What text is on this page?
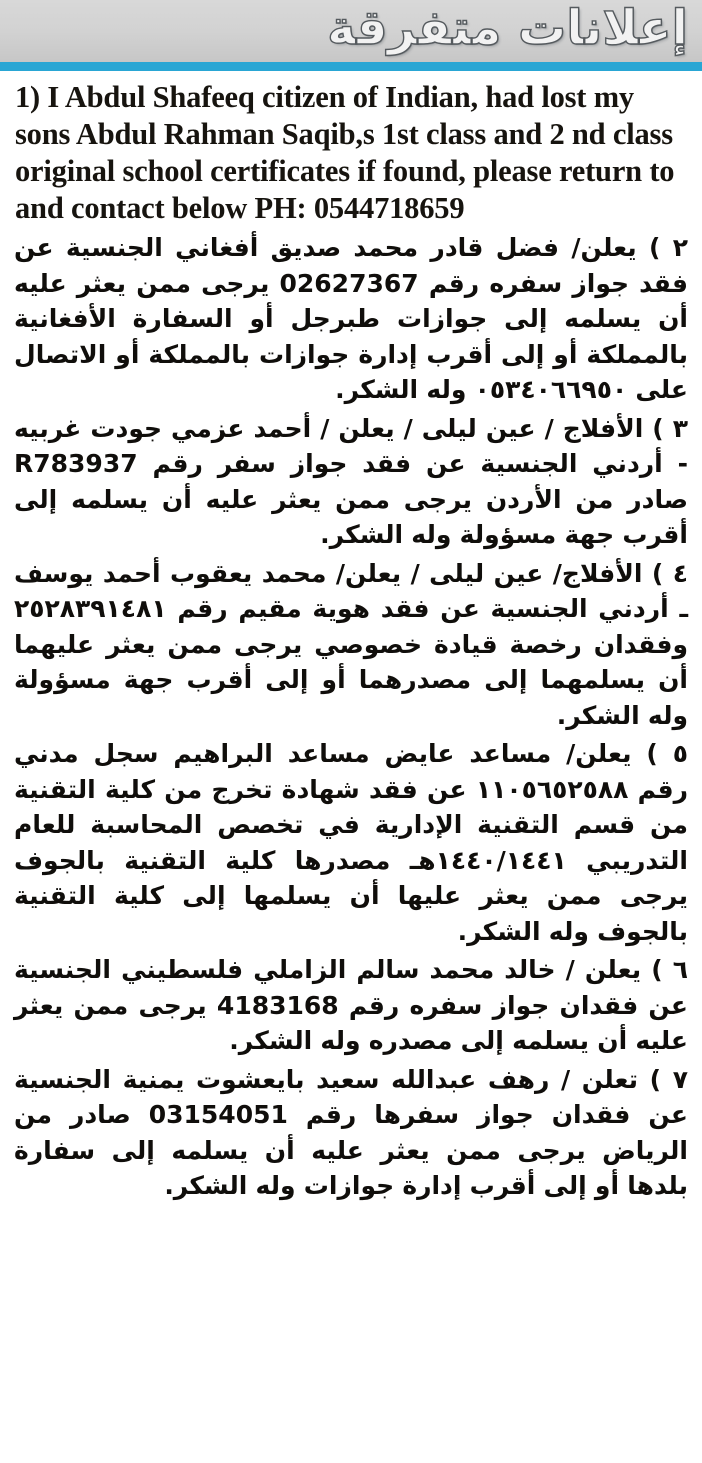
إعلانات متفرقة
1) I Abdul Shafeeq citizen of Indian, had lost my sons Abdul Rahman Saqib,s 1st class and 2 nd class original school certificates if found, please return to and contact below PH: 0544718659
٢ ) يعلن/ فضل قادر محمد صديق أفغاني الجنسية عن فقد جواز سفره رقم 02627367 يرجى ممن يعثر عليه أن يسلمه إلى جوازات طبرجل أو السفارة الأفغانية بالمملكة أو إلى أقرب إدارة جوازات بالمملكة أو الاتصال على ٠٥٣٤٠٦٦٩٥٠ وله الشكر.
٣ ) الأفلاج / عين ليلى / يعلن / أحمد عزمي جودت غربيه - أردني الجنسية عن فقد جواز سفر رقم R783937 صادر من الأردن يرجى ممن يعثر عليه أن يسلمه إلى أقرب جهة مسؤولة وله الشكر.
٤ ) الأفلاج/ عين ليلى / يعلن/ محمد يعقوب أحمد يوسف ـ أردني الجنسية عن فقد هوية مقيم رقم ٢٥٢٨٣٩١٤٨١ وفقدان رخصة قيادة خصوصي يرجى ممن يعثر عليهما أن يسلمهما إلى مصدرهما أو إلى أقرب جهة مسؤولة وله الشكر.
٥ ) يعلن/ مساعد عايض مساعد البراهيم سجل مدني رقم ١١٠٥٦٥٢٥٨٨ عن فقد شهادة تخرج من كلية التقنية من قسم التقنية الإدارية في تخصص المحاسبة للعام التدريبي ١٤٤٠/١٤٤١هـ مصدرها كلية التقنية بالجوف يرجى ممن يعثر عليها أن يسلمها إلى كلية التقنية بالجوف وله الشكر.
٦ ) يعلن / خالد محمد سالم الزاملي فلسطيني الجنسية عن فقدان جواز سفره رقم 4183168 يرجى ممن يعثر عليه أن يسلمه إلى مصدره وله الشكر.
٧ ) تعلن / رهف عبدالله سعيد بايعشوت يمنية الجنسية عن فقدان جواز سفرها رقم 03154051 صادر من الرياض يرجى ممن يعثر عليه أن يسلمه إلى سفارة بلدها أو إلى أقرب إدارة جوازات وله الشكر.
